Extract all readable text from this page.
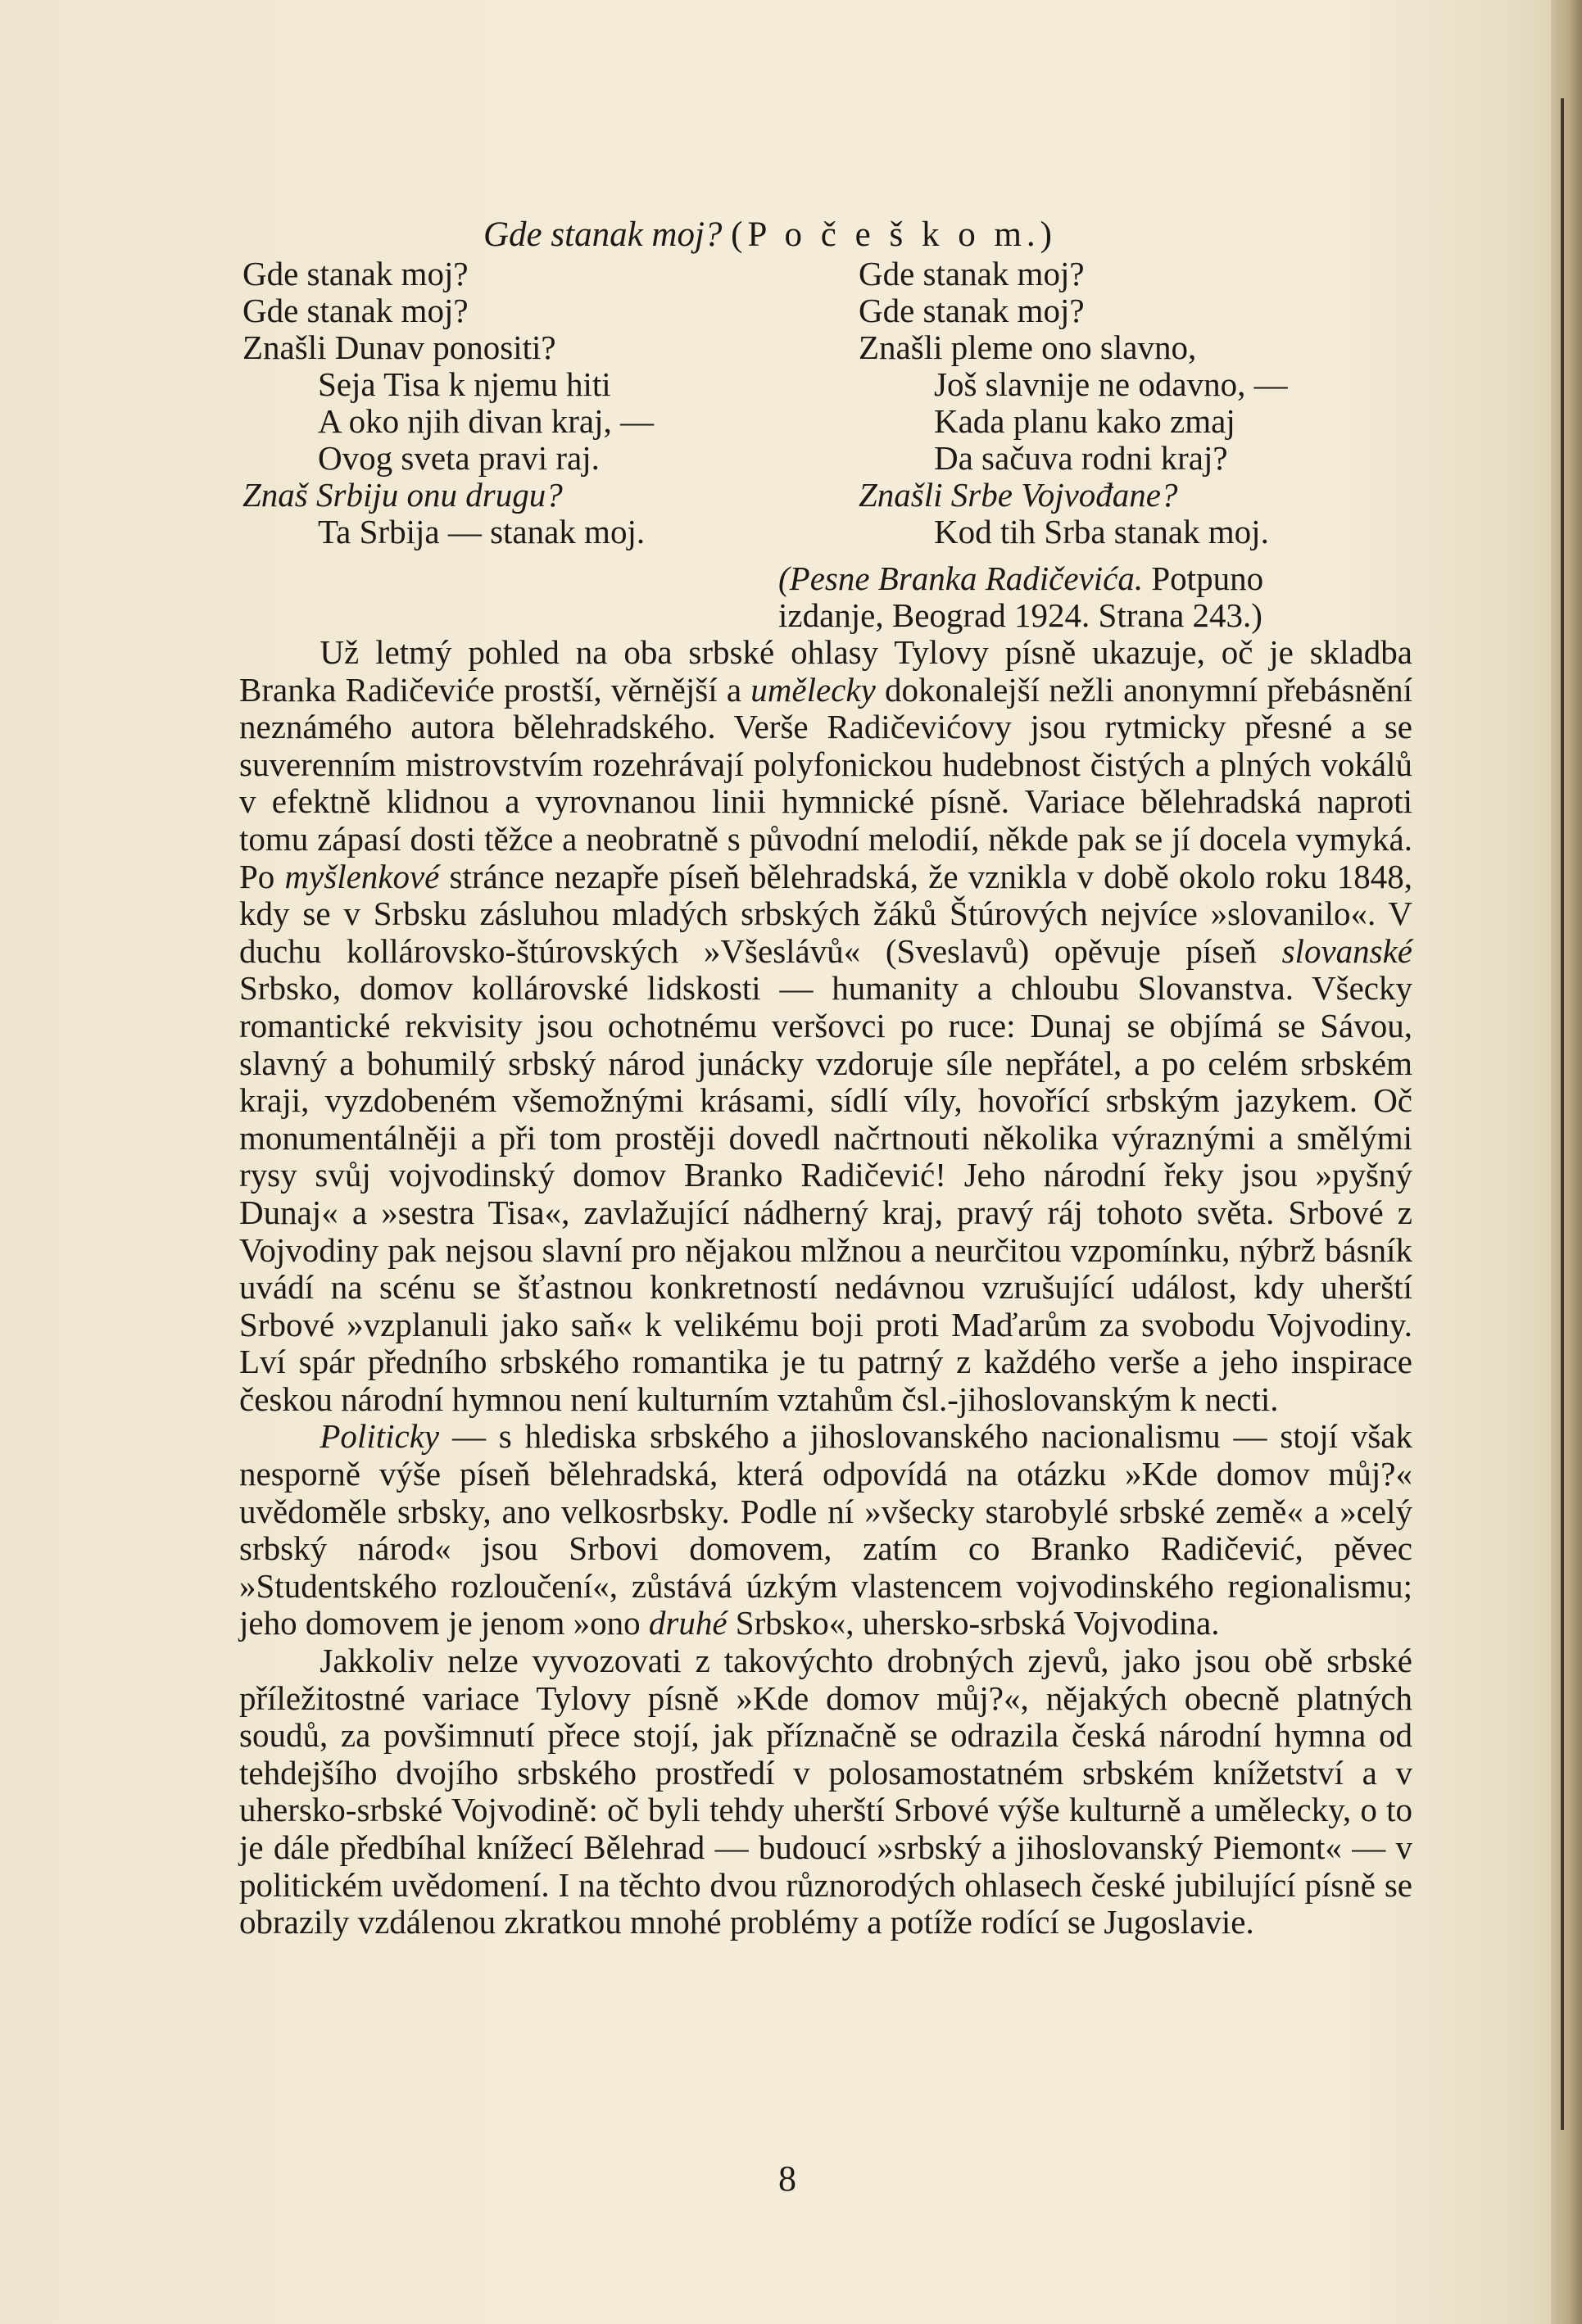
Gde stanak moj? (P o č e š k o m.)
Gde stanak moj?
Gde stanak moj?
Znašli Dunav ponositi?
Seja Tisa k njemu hiti
A oko njih divan kraj, —
Ovog sveta pravi raj.
Znaš Srbiju onu drugu?
Ta Srbija — stanak moj.
Gde stanak moj?
Gde stanak moj?
Znašli pleme ono slavno,
Još slavnije ne odavno, —
Kada planu kako zmaj
Da sačuva rodni kraj?
Znašli Srbe Vojvođane?
Kod tih Srba stanak moj.
(Pesne Branka Radičevića. Potpuno
izdanje, Beograd 1924. Strana 243.)

Už letmý pohled na oba srbské ohlasy Tylovy písně ukazuje, oč je skladba Branka Radičeviće prostší, věrnější a umělecky dokonalejší nežli anonymní přebásnění neznámého autora bělehradského. Verše Radičevićovy jsou rytmicky přesné a se suverenním mistrovstvím rozehrávají polyfonickou hudebnost čistých a plných vokálů v efektně klidnou a vyrovnanou linii hymnické písně. Variace bělehradská naproti tomu zápasí dosti těžce a neobratně s původní melodií, někde pak se jí docela vymyká. Po myšlenkové stránce nezapře píseň bělehradská, že vznikla v době okolo roku 1848, kdy se v Srbsku zásluhou mladých srbských žáků Štúrových nejvíce »slovanilo«. V duchu kollárovsko-štúrovských »Všeslávů« (Sveslavů) opěvuje píseň slovanské Srbsko, domov kollárovské lidskosti — humanity a chloubu Slovanstva. Všecky romantické rekvisity jsou ochotnému veršovci po ruce: Dunaj se objímá se Sávou, slavný a bohumilý srbský národ junácky vzdoruje síle nepřátel, a po celém srbském kraji, vyzdobeném všemožnými krásami, sídlí víly, hovořící srbským jazykem. Oč monumentálněji a při tom prostěji dovedl načrtnouti několika výraznými a smělými rysy svůj vojvodinský domov Branko Radičević! Jeho národní řeky jsou »pyšný Dunaj« a »sestra Tisa«, zavlažující nádherný kraj, pravý ráj tohoto světa. Srbové z Vojvodiny pak nejsou slavní pro nějakou mlžnou a neurčitou vzpomínku, nýbrž básník uvádí na scénu se šťastnou konkretností nedávnou vzrušující událost, kdy uherští Srbové »vzplanuli jako saň« k velikému boji proti Maďarům za svobodu Vojvodiny. Lví spár předního srbského romantika je tu patrný z každého verše a jeho inspirace českou národní hymnou není kulturním vztahům čsl.-jihoslovanským k necti.

Politicky — s hlediska srbského a jihoslovanského nacionalismu — stojí však nesporně výše píseň bělehradská, která odpovídá na otázku »Kde domov můj?« uvědoměle srbsky, ano velkosrbsky. Podle ní »všecky starobylé srbské země« a »celý srbský národ« jsou Srbovi domovem, zatím co Branko Radičević, pěvec »Studentského rozloučení«, zůstává úzkým vlastencem vojvodinského regionalismu; jeho domovem je jenom »ono druhé Srbsko«, uhersko-srbská Vojvodina.

Jakkoliv nelze vyvozovati z takovýchto drobných zjevů, jako jsou obě srbské příležitostné variace Tylovy písně »Kde domov můj?«, nějakých obecně platných soudů, za povšimnutí přece stojí, jak příznačně se odrazila česká národní hymna od tehdejšího dvojího srbského prostředí v polosamostatném srbském knížetství a v uhersko-srbské Vojvodině: oč byli tehdy uherští Srbové výše kulturně a umělecky, o to je dále předbíhal knížecí Bělehrad — budoucí »srbský a jihoslovanský Piemont« — v politickém uvědomení. I na těchto dvou různorodých ohlasech české jubilující písně se obrazily vzdálenou zkratkou mnohé problémy a potíže rodící se Jugoslavie.

8
